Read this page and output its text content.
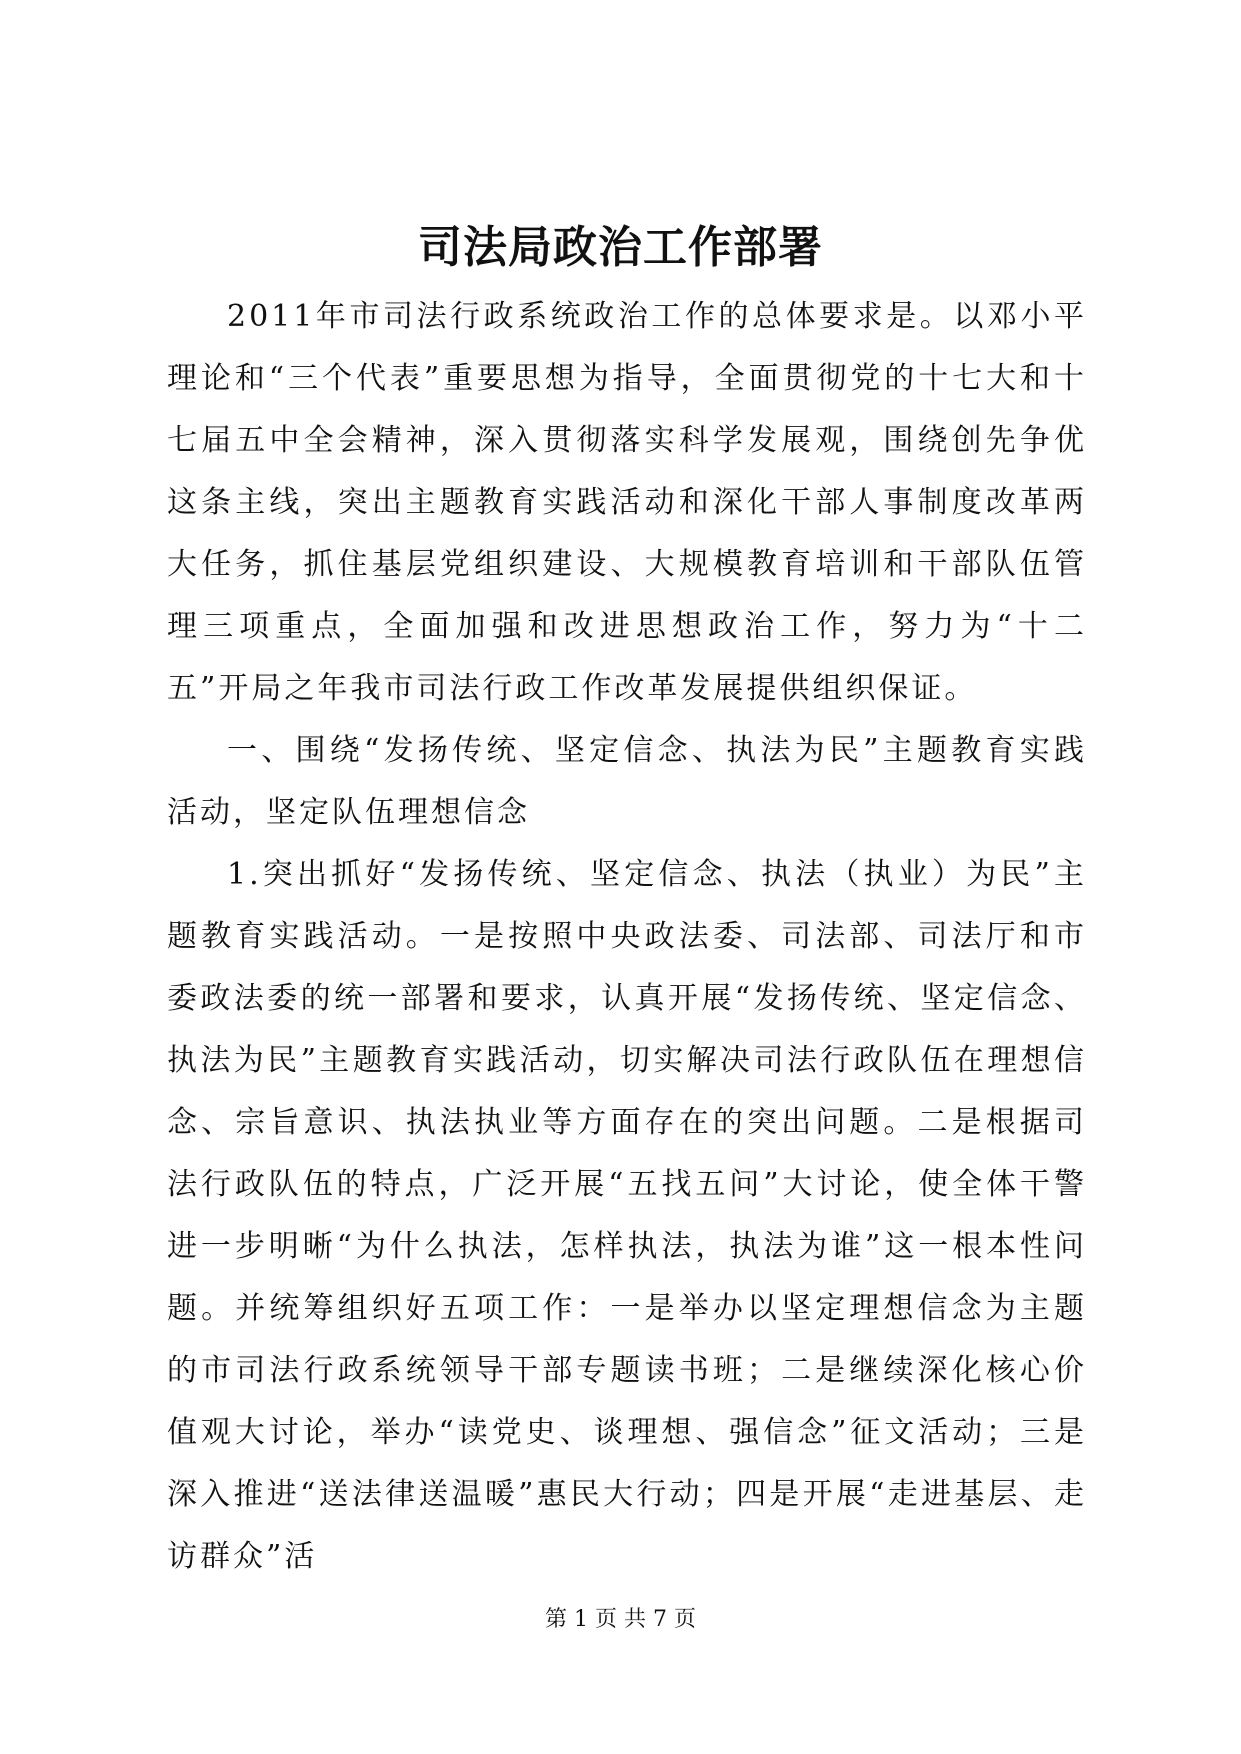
司法局政治工作部署

2011年市司法行政系统政治工作的总体要求是。以邓小平理论和“三个代表”重要思想为指导，全面贯彻党的十七大和十七届五中全会精神，深入贯彻落实科学发展观，围绕创先争优这条主线，突出主题教育实践活动和深化干部人事制度改革两大任务，抓住基层党组织建设、大规模教育培训和干部队伍管理三项重点，全面加强和改进思想政治工作，努力为“十二五”开局之年我市司法行政工作改革发展提供组织保证。

一、围绕“发扬传统、坚定信念、执法为民”主题教育实践活动，坚定队伍理想信念

1.突出抓好“发扬传统、坚定信念、执法（执业）为民”主题教育实践活动。一是按照中央政法委、司法部、司法厅和市委政法委的统一部署和要求，认真开展“发扬传统、坚定信念、执法为民”主题教育实践活动，切实解决司法行政队伍在理想信念、宗旨意识、执法执业等方面存在的突出问题。二是根据司法行政队伍的特点，广泛开展“五找五问”大讨论，使全体干警进一步明晰“为什么执法，怎样执法，执法为谁”这一根本性问题。并统筹组织好五项工作：一是举办以坚定理想信念为主题的市司法行政系统领导干部专题读书班；二是继续深化核心价值观大讨论，举办“读党史、谈理想、强信念”征文活动；三是深入推进“送法律送温暖”惠民大行动；四是开展“走进基层、走访群众”活

第 1 页 共 7 页
